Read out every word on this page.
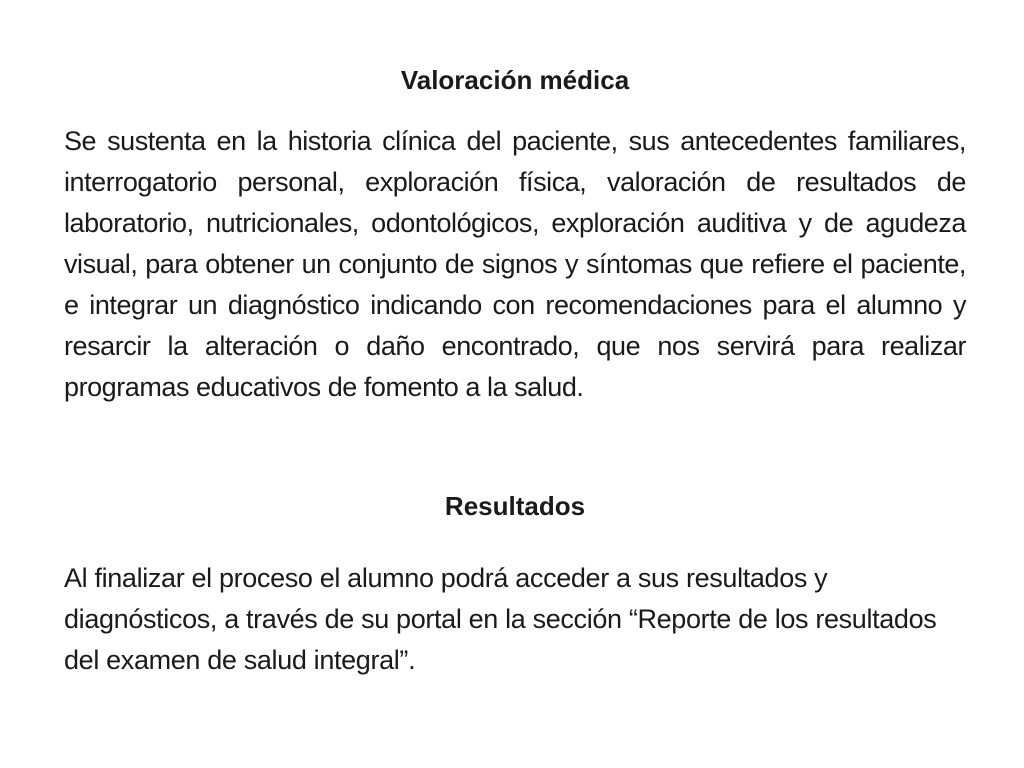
Valoración médica

Se sustenta en la historia clínica del paciente, sus antecedentes familiares, interrogatorio personal, exploración física, valoración de resultados de laboratorio, nutricionales, odontológicos, exploración auditiva y de agudeza visual, para obtener un conjunto de signos y síntomas que refiere el paciente, e integrar un diagnóstico indicando con recomendaciones para el alumno y resarcir la alteración o daño encontrado, que nos servirá para realizar programas educativos de fomento a la salud.

Resultados

Al finalizar el proceso el alumno podrá acceder a sus resultados y diagnósticos, a través de su portal en la sección “Reporte de los resultados del examen de salud integral”.
